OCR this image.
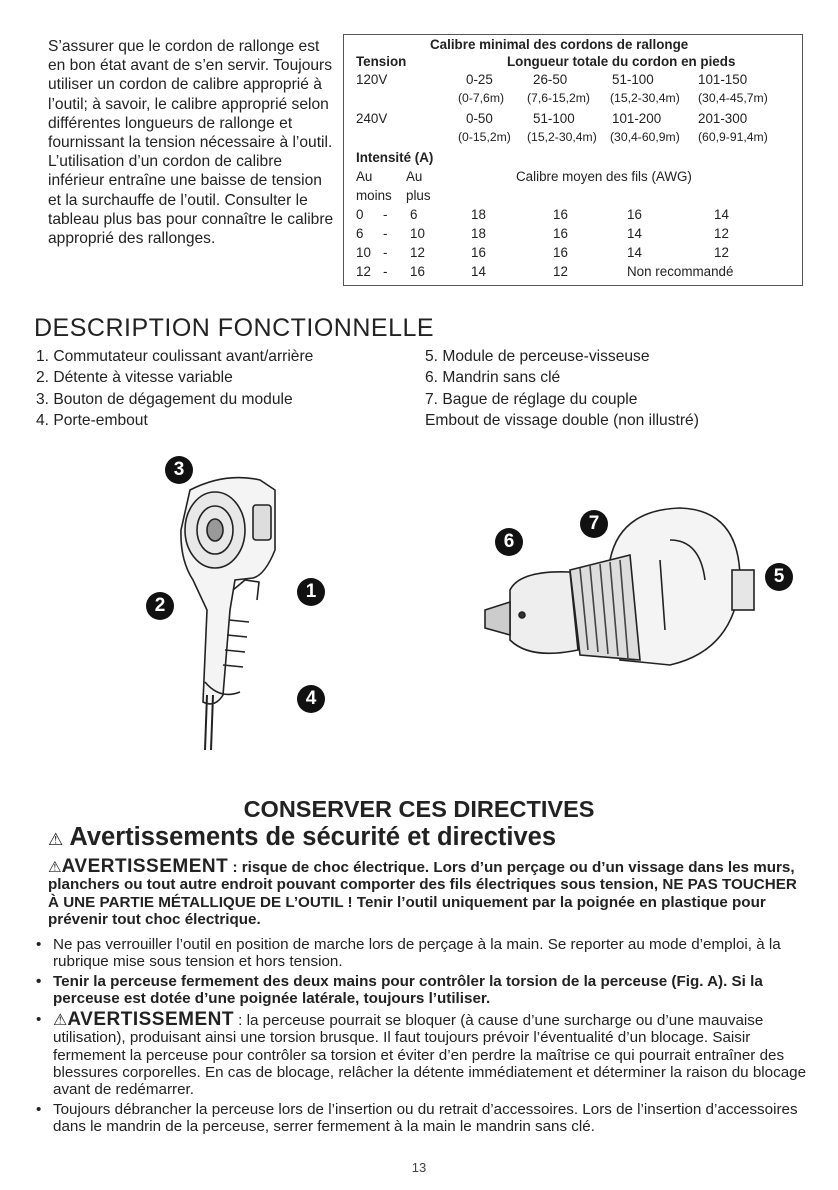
S’assurer que le cordon de rallonge est en bon état avant de s’en servir. Toujours utiliser un cordon de calibre approprié à l’outil; à savoir, le calibre approprié selon différentes longueurs de rallonge et fournissant la tension nécessaire à l’outil. L’utilisation d’un cordon de calibre inférieur entraîne une baisse de tension et la surchauffe de l’outil. Consulter le tableau plus bas pour connaître le calibre approprié des rallonges.

Calibre minimal des cordons de rallonge
Tension	Longueur totale du cordon en pieds
120V	0-25	26-50	51-100	101-150
(0-7,6m) (7,6-15,2m) (15,2-30,4m) (30,4-45,7m)
240V	0-50	51-100	101-200	201-300
(0-15,2m) (15,2-30,4m) (30,4-60,9m) (60,9-91,4m)
Intensité (A)
Au	Au	Calibre moyen des fils (AWG)
moins plus
0 - 6	18	16	16	14
6 - 10	18	16	14	12
10 - 12	16	16	14	12
12 - 16	14	12	Non recommandé
DESCRIPTION FONCTIONNELLE
1. Commutateur coulissant avant/arrière
2. Détente à vitesse variable
3. Bouton de dégagement du module
4. Porte-embout
5. Module de perceuse-visseuse
6. Mandrin sans clé
7. Bague de réglage du couple
Embout de vissage double (non illustré)
3
1
2
4
6
7
5
CONSERVER CES DIRECTIVES
⚠ Avertissements de sécurité et directives

⚠AVERTISSEMENT : risque de choc électrique. Lors d’un perçage ou d’un vissage dans les murs, planchers ou tout autre endroit pouvant comporter des fils électriques sous tension, NE PAS TOUCHER À UNE PARTIE MÉTALLIQUE DE L’OUTIL ! Tenir l’outil uniquement par la poignée en plastique pour prévenir tout choc électrique.

• Ne pas verrouiller l’outil en position de marche lors de perçage à la main. Se reporter au mode d’emploi, à la rubrique mise sous tension et hors tension.
• Tenir la perceuse fermement des deux mains pour contrôler la torsion de la perceuse (Fig. A). Si la perceuse est dotée d’une poignée latérale, toujours l’utiliser.
• ⚠AVERTISSEMENT : la perceuse pourrait se bloquer (à cause d’une surcharge ou d’une mauvaise utilisation), produisant ainsi une torsion brusque. Il faut toujours prévoir l’éventualité d’un blocage. Saisir fermement la perceuse pour contrôler sa torsion et éviter d’en perdre la maîtrise ce qui pourrait entraîner des blessures corporelles. En cas de blocage, relâcher la détente immédiatement et déterminer la raison du blocage avant de redémarrer.
• Toujours débrancher la perceuse lors de l’insertion ou du retrait d’accessoires. Lors de l’insertion d’accessoires dans le mandrin de la perceuse, serrer fermement à la main le mandrin sans clé.
13
